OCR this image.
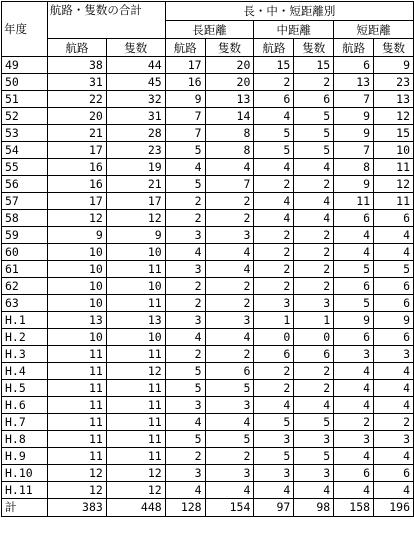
年度	航路・隻数の合計		長・中・短距離別					
			長距離		中距離		短距離	
	航路	隻数	航路	隻数	航路	隻数	航路	隻数
49	38	44	17	20	15	15	6	9
50	31	45	16	20	2	2	13	23
51	22	32	9	13	6	6	7	13
52	20	31	7	14	4	5	9	12
53	21	28	7	8	5	5	9	15
54	17	23	5	8	5	5	7	10
55	16	19	4	4	4	4	8	11
56	16	21	5	7	2	2	9	12
57	17	17	2	2	4	4	11	11
58	12	12	2	2	4	4	6	6
59	9	9	3	3	2	2	4	4
60	10	10	4	4	2	2	4	4
61	10	11	3	4	2	2	5	5
62	10	10	2	2	2	2	6	6
63	10	11	2	2	3	3	5	6
H.1	13	13	3	3	1	1	9	9
H.2	10	10	4	4	0	0	6	6
H.3	11	11	2	2	6	6	3	3
H.4	11	12	5	6	2	2	4	4
H.5	11	11	5	5	2	2	4	4
H.6	11	11	3	3	4	4	4	4
H.7	11	11	4	4	5	5	2	2
H.8	11	11	5	5	3	3	3	3
H.9	11	11	2	2	5	5	4	4
H.10	12	12	3	3	3	3	6	6
H.11	12	12	4	4	4	4	4	4
計	383	448	128	154	97	98	158	196
